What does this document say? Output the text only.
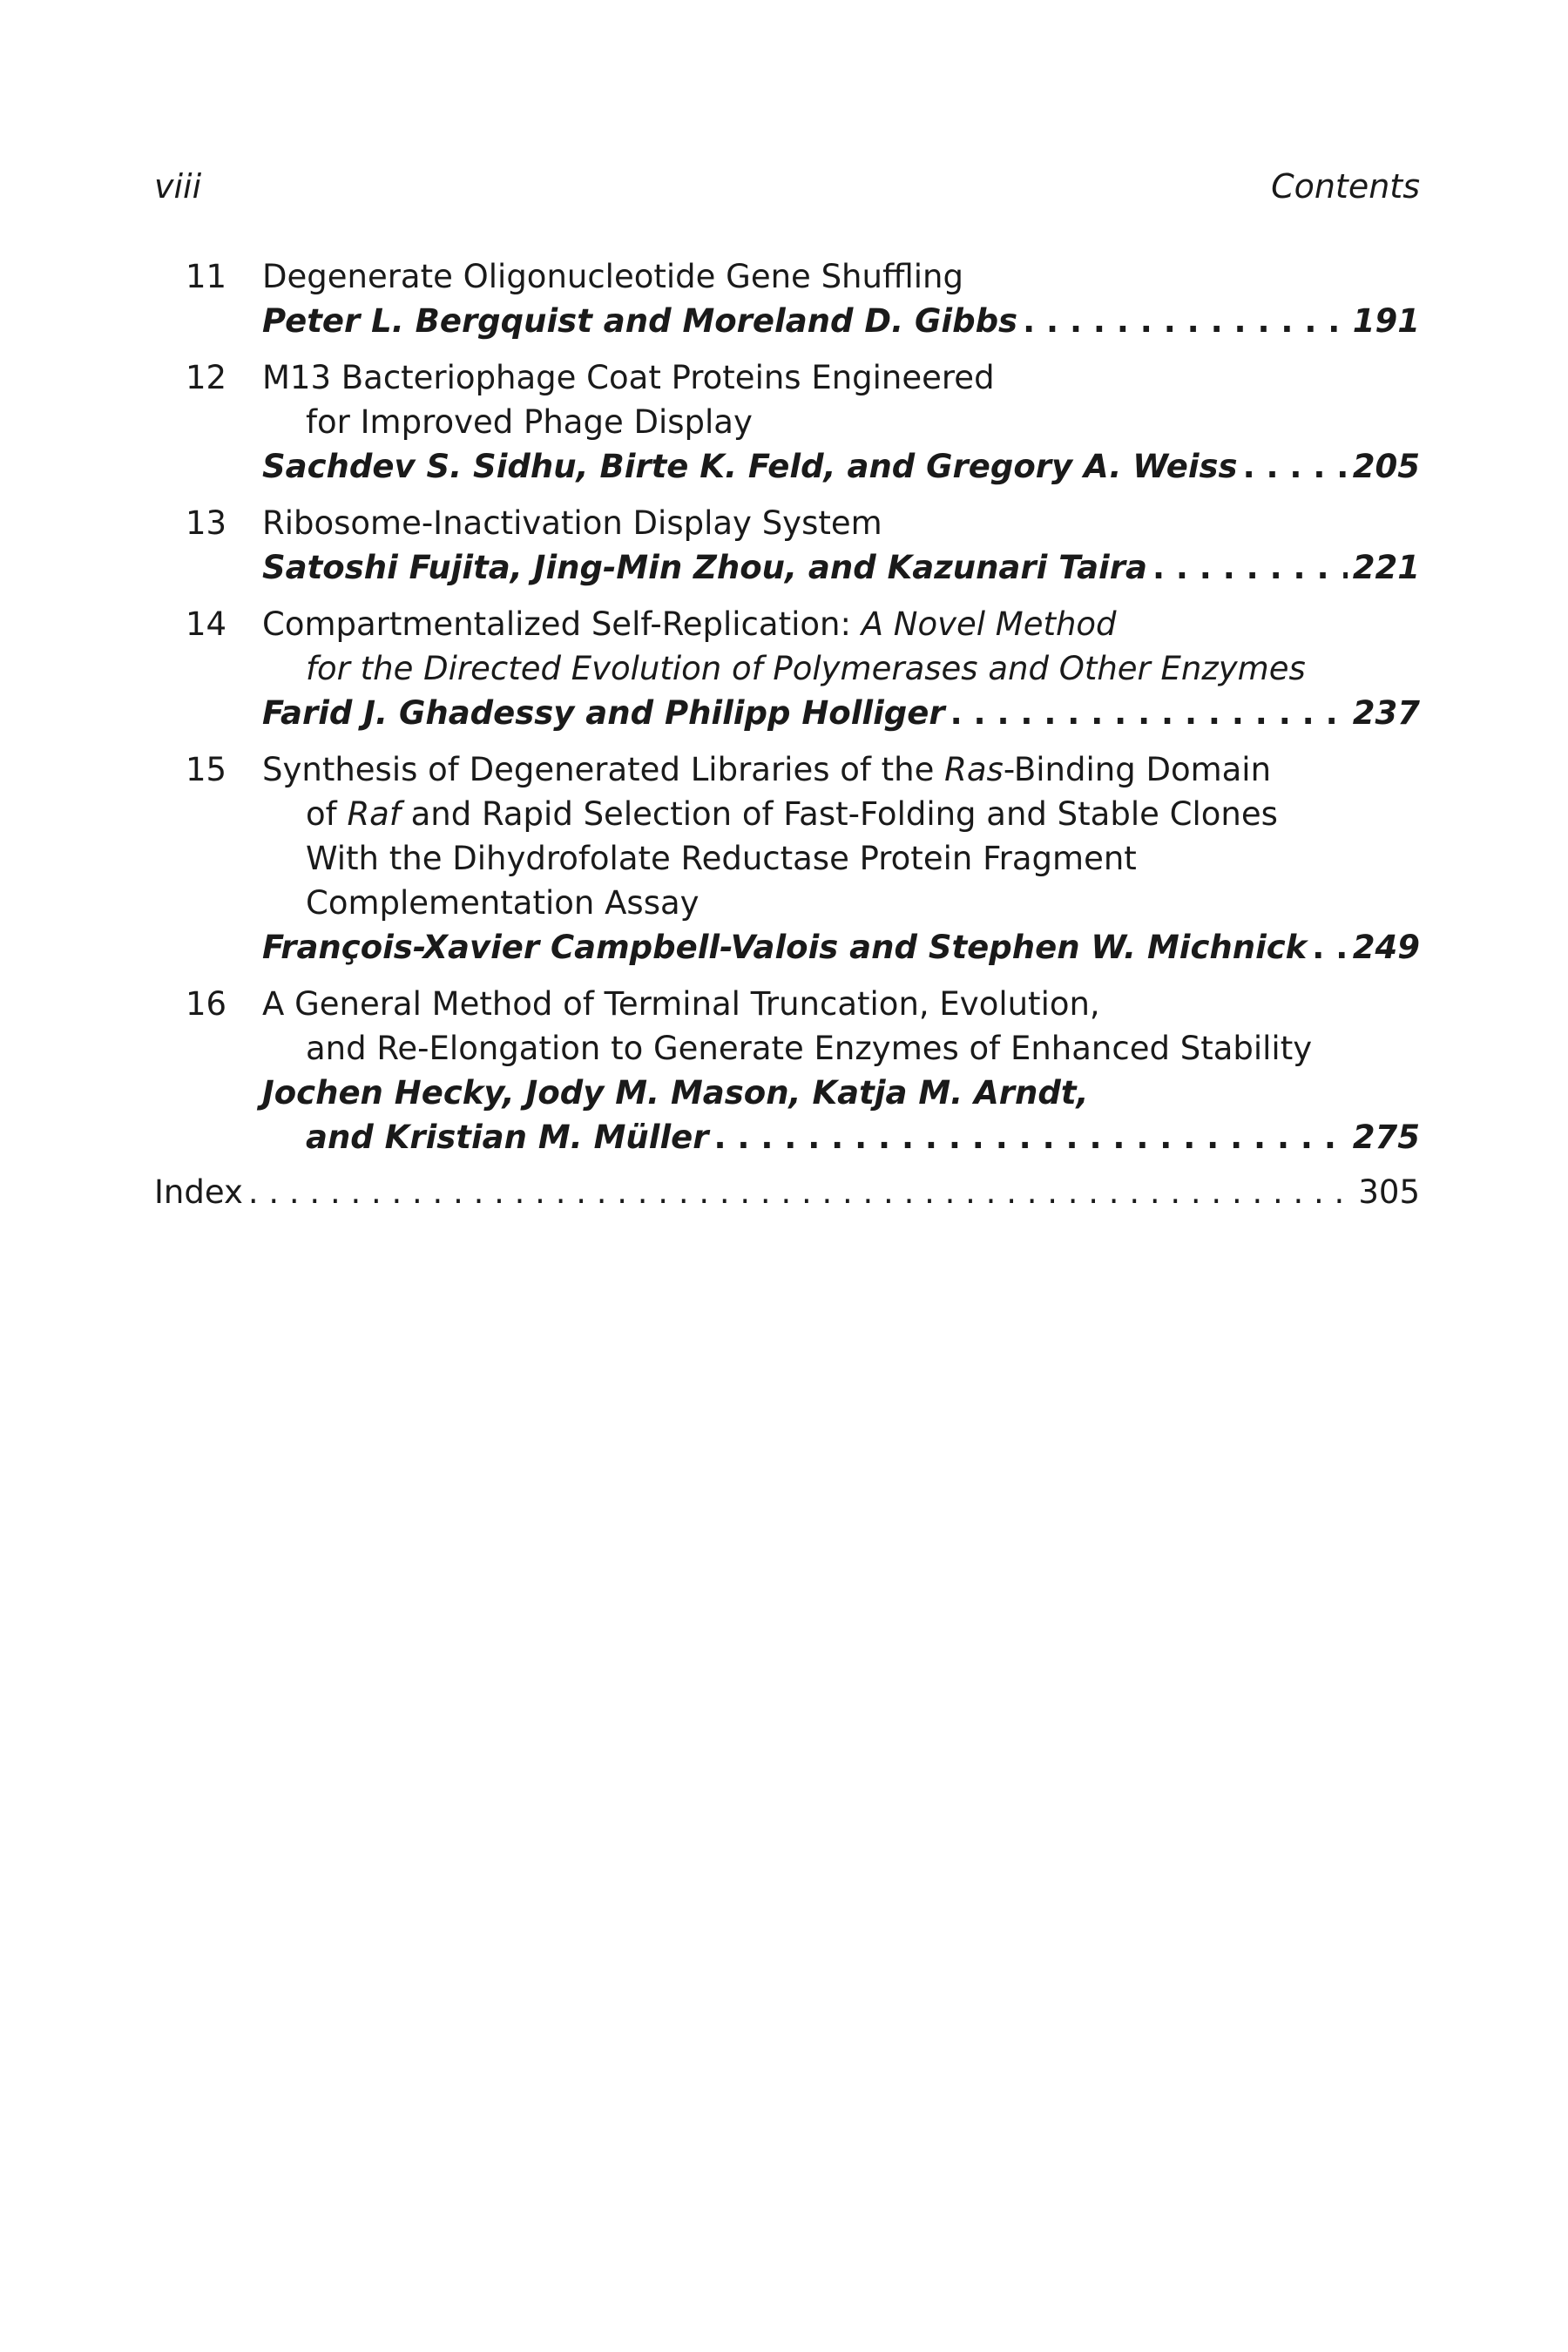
viii	Contents
11	Degenerate Oligonucleotide Gene Shuffling
Peter L. Bergquist and Moreland D. Gibbs . . .	191
12	M13 Bacteriophage Coat Proteins Engineered
for Improved Phage Display
Sachdev S. Sidhu, Birte K. Feld, and Gregory A. Weiss . . .	205
13	Ribosome-Inactivation Display System
Satoshi Fujita, Jing-Min Zhou, and Kazunari Taira . . .	221
14	Compartmentalized Self-Replication: A Novel Method
for the Directed Evolution of Polymerases and Other Enzymes
Farid J. Ghadessy and Philipp Holliger . . .	237
15	Synthesis of Degenerated Libraries of the Ras-Binding Domain
of Raf and Rapid Selection of Fast-Folding and Stable Clones
With the Dihydrofolate Reductase Protein Fragment
Complementation Assay
François-Xavier Campbell-Valois and Stephen W. Michnick . . . 249
16	A General Method of Terminal Truncation, Evolution,
and Re-Elongation to Generate Enzymes of Enhanced Stability
Jochen Hecky, Jody M. Mason, Katja M. Arndt,
and Kristian M. Müller . . .	275
Index . . .	305
